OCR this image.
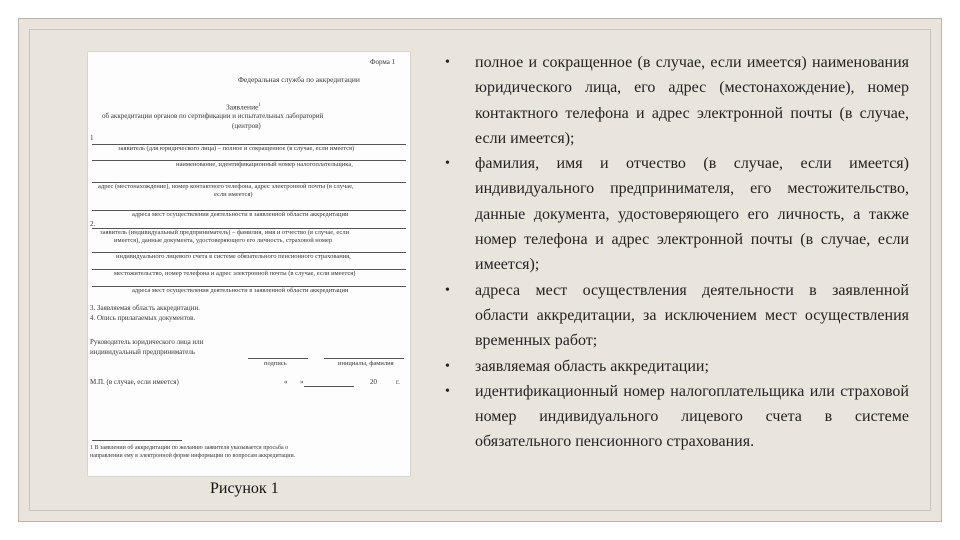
Форма 1
Федеральная служба по аккредитации
Заявление$^1$
об аккредитации органов по сертификации и испытательных лабораторий
(центров)
1
заявитель (для юридического лица) – полное и сокращенное (в случае, если имеется)
наименование, идентификационный номер налогоплательщика,
адрес (местонахождение), номер контактного телефона, адрес электронной почты (в случае,
если имеется)
адреса мест осуществления деятельности в заявленной области аккредитации
2.
заявитель (индивидуальный предприниматель) – фамилия, имя и отчество (в случае, если
имеется), данные документа, удостоверяющего его личность, страховой номер
индивидуального лицевого счета в системе обязательного пенсионного страхования,
местожительство, номер телефона и адрес электронной почты (в случае, если имеется)
адреса мест осуществления деятельности в заявленной области аккредитации
3. Заявляемая область аккредитации.
4. Опись прилагаемых документов.
Руководитель юридического лица или
индивидуальный предприниматель
подпись	инициалы, фамилия
М.П. (в случае, если имеется)	« »	20	г.
1 В заявлении об аккредитации по желанию заявителя указывается просьба о
направлении ему в электронной форме информации по вопросам аккредитации.
Рисунок 1
• полное и сокращенное (в случае, если имеется) наименования юридического лица, его адрес (местонахождение), номер контактного телефона и адрес электронной почты (в случае, если имеется);
• фамилия, имя и отчество (в случае, если имеется) индивидуального предпринимателя, его местожительство, данные документа, удостоверяющего его личность, а также номер телефона и адрес электронной почты (в случае, если имеется);
• адреса мест осуществления деятельности в заявленной области аккредитации, за исключением мест осуществления временных работ;
• заявляемая область аккредитации;
• идентификационный номер налогоплательщика или страховой номер индивидуального лицевого счета в системе обязательного пенсионного страхования.
